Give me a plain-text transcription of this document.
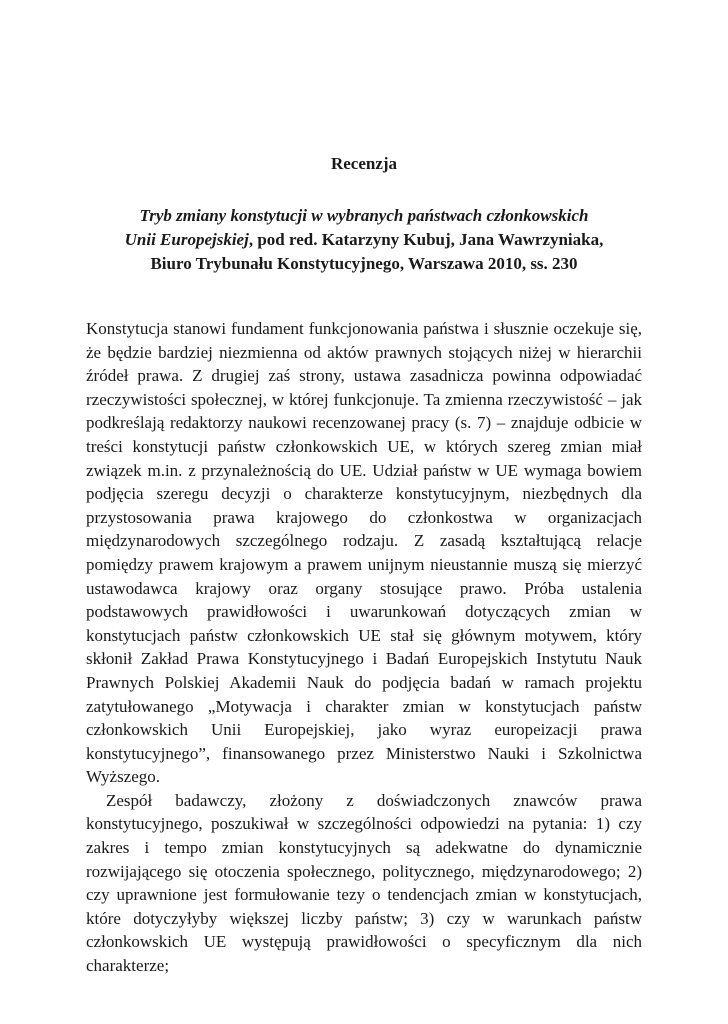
Recenzja

Tryb zmiany konstytucji w wybranych państwach członkowskich
Unii Europejskiej, pod red. Katarzyny Kubuj, Jana Wawrzyniaka,
Biuro Trybunału Konstytucyjnego, Warszawa 2010, ss. 230

Konstytucja stanowi fundament funkcjonowania państwa i słusznie oczekuje się, że będzie bardziej niezmienna od aktów prawnych stojących niżej w hierarchii źródeł prawa. Z drugiej zaś strony, ustawa zasadnicza powinna odpowiadać rzeczywistości społecznej, w której funkcjonuje. Ta zmienna rzeczywistość – jak podkreślają redaktorzy naukowi recenzowanej pracy (s. 7) – znajduje odbicie w treści konstytucji państw członkowskich UE, w których szereg zmian miał związek m.in. z przynależnością do UE. Udział państw w UE wymaga bowiem podjęcia szeregu decyzji o charakterze konstytucyjnym, niezbędnych dla przystosowania prawa krajowego do członkostwa w organizacjach międzynarodowych szczególnego rodzaju. Z zasadą kształtującą relacje pomiędzy prawem krajowym a prawem unijnym nieustannie muszą się mierzyć ustawodawca krajowy oraz organy stosujące prawo. Próba ustalenia podstawowych prawidłowości i uwarunkowań dotyczących zmian w konstytucjach państw członkowskich UE stał się głównym motywem, który skłonił Zakład Prawa Konstytucyjnego i Badań Europejskich Instytutu Nauk Prawnych Polskiej Akademii Nauk do podjęcia badań w ramach projektu zatytułowanego „Motywacja i charakter zmian w konstytucjach państw członkowskich Unii Europejskiej, jako wyraz europeizacji prawa konstytucyjnego”, finansowanego przez Ministerstwo Nauki i Szkolnictwa Wyższego.

Zespół badawczy, złożony z doświadczonych znawców prawa konstytucyjnego, poszukiwał w szczególności odpowiedzi na pytania: 1) czy zakres i tempo zmian konstytucyjnych są adekwatne do dynamicznie rozwijającego się otoczenia społecznego, politycznego, międzynarodowego; 2) czy uprawnione jest formułowanie tezy o tendencjach zmian w konstytucjach, które dotyczyłyby większej liczby państw; 3) czy w warunkach państw członkowskich UE występują prawidłowości o specyficznym dla nich charakterze;
